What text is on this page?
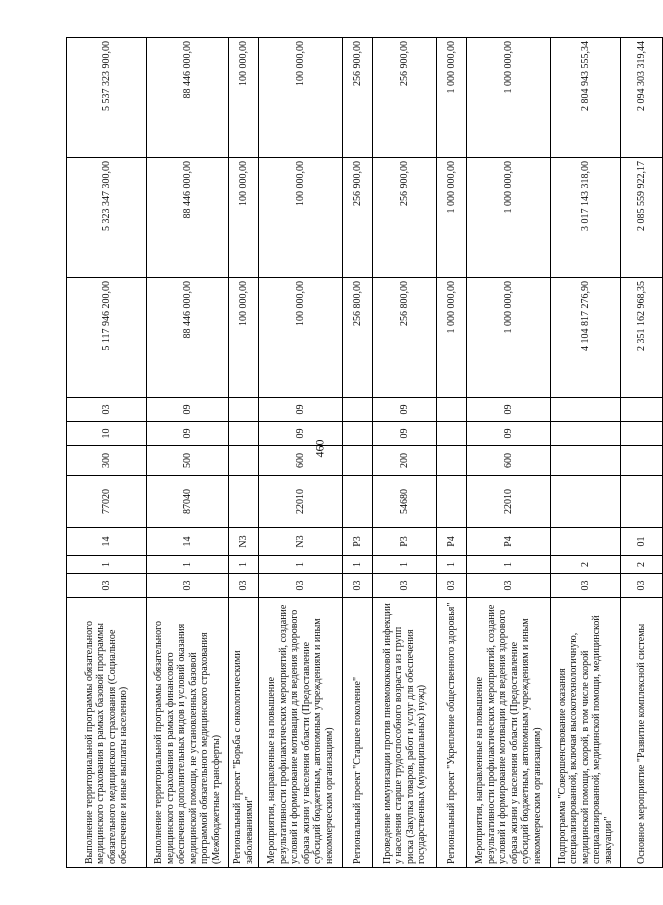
460
Выполнение территориальной программы обязательного медицинского страхования в рамках базовой программы обязательного медицинского страхования (Социальное обеспечение и иные выплаты населению)	03	1	14	77020	300	10	03	5 117 946 200,00	5 323 347 300,00	5 537 323 900,00
Выполнение территориальной программы обязательного медицинского страхования в рамках финансового обеспечения дополнительных видов и условий оказания медицинской помощи, не установленных базовой программой обязательного медицинского страхования (Межбюджетные трансферты)	03	1	14	87040	500	09	09	88 446 000,00	88 446 000,00	88 446 000,00
Региональный проект "Борьба с онкологическими заболеваниями"	03	1	N3					100 000,00	100 000,00	100 000,00
Мероприятия, направленные на повышение результативности профилактических мероприятий, создание условий и формирование мотивации для ведения здорового образа жизни у населения области (Предоставление субсидий бюджетным, автономным учреждениям и иным некоммерческим организациям)	03	1	N3	22010	600	09	09	100 000,00	100 000,00	100 000,00
Региональный проект "Старшее поколение"	03	1	P3					256 800,00	256 900,00	256 900,00
Проведение иммунизации против пневмококковой инфекции у населения старше трудоспособного возраста из групп риска (Закупка товаров, работ и услуг для обеспечения государственных (муниципальных) нужд)	03	1	P3	54680	200	09	09	256 800,00	256 900,00	256 900,00
Региональный проект "Укрепление общественного здоровья"	03	1	P4					1 000 000,00	1 000 000,00	1 000 000,00
Мероприятия, направленные на повышение результативности профилактических мероприятий, создание условий и формирование мотивации для ведения здорового образа жизни у населения области (Предоставление субсидий бюджетным, автономным учреждениям и иным некоммерческим организациям)	03	1	P4	22010	600	09	09	1 000 000,00	1 000 000,00	1 000 000,00
Подпрограмма "Совершенствование оказания специализированной, включая высокотехнологичную, медицинской помощи, скорой, в том числе скорой специализированной, медицинской помощи, медицинской эвакуации"	03	2						4 104 817 276,90	3 017 143 318,00	2 804 943 555,34
Основное мероприятие "Развитие комплексной системы	03	2	01					2 351 162 968,35	2 085 559 922,17	2 094 303 319,44
